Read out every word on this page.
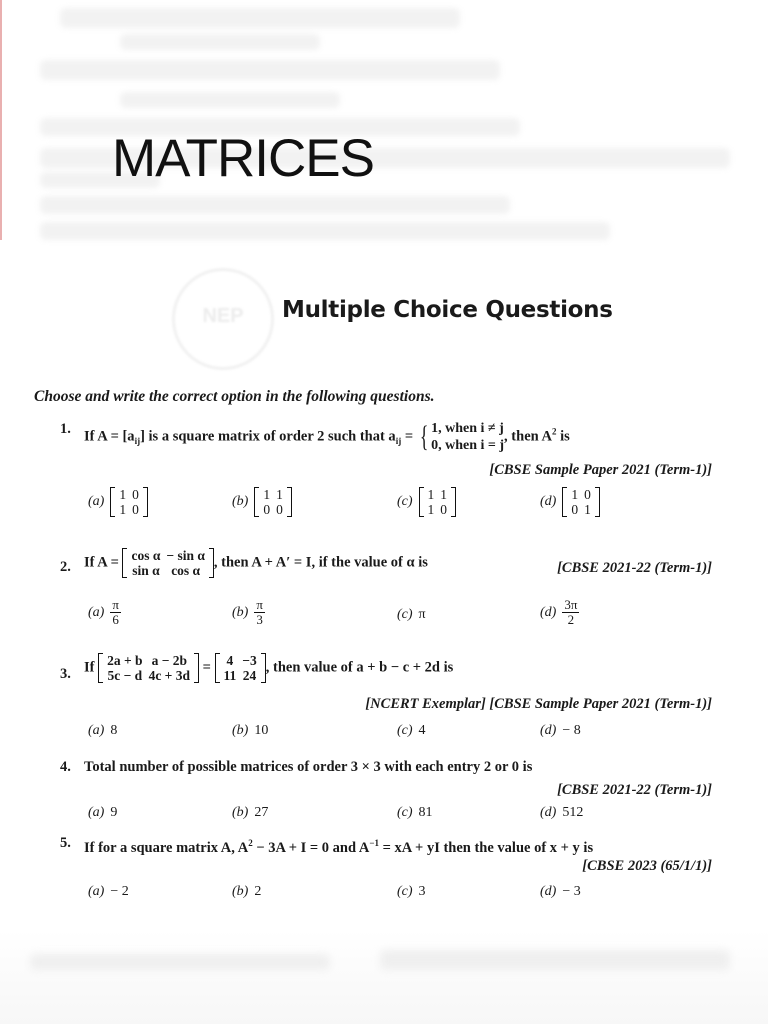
NEP
MATRICES
Multiple Choice Questions
Choose and write the correct option in the following questions.
1. If $A = [a_{ij}]$ is a square matrix of order 2 such that $a_{ij}$ = { 1, when i ≠ j
0, when i = j, then $A^2$ is
[CBSE Sample Paper 2021 (Term-1)]
(a) 1	0
1	0
(b) 1	1
0	0
(c) 1	1
1	0
(d) 1	0
0	1
2. If A = cos α	− sin α
sin α	cos α
, then A + A′ = I, if the value of α is	[CBSE 2021-22 (Term-1)]
$(a) \frac{\pi}{6}$	$(b) \frac{\pi}{3}$	(c) π	$(d) \frac{3\pi}{2}$
3. If 2a + b	a − 2b
5c − d	4c + 3d
= 4	−3
11	24
, then value of a + b − c + 2d is
[NCERT Exemplar] [CBSE Sample Paper 2021 (Term-1)]
(a) 8	(b) 10	(c) 4	(d) − 8
4. Total number of possible matrices of order 3 × 3 with each entry 2 or 0 is
[CBSE 2021-22 (Term-1)]
(a) 9	(b) 27	(c) 81	(d) 512
5. If for a square matrix A, $A^2 - 3A + I = 0$ and $A^{-1}$ = xA + yI then the value of x + y is
[CBSE 2023 (65/1/1)]
(a) − 2	(b) 2	(c) 3	(d) − 3
